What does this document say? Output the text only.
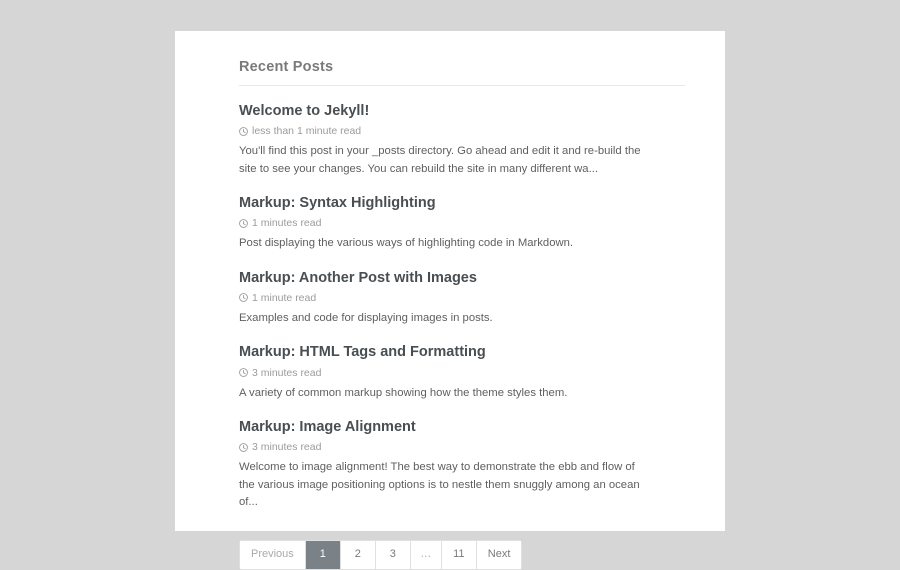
Recent Posts
Welcome to Jekyll!
less than 1 minute read

You'll find this post in your _posts directory. Go ahead and edit it and re-build the site to see your changes. You can rebuild the site in many different wa...

Markup: Syntax Highlighting
1 minutes read

Post displaying the various ways of highlighting code in Markdown.

Markup: Another Post with Images
1 minute read

Examples and code for displaying images in posts.

Markup: HTML Tags and Formatting
3 minutes read

A variety of common markup showing how the theme styles them.

Markup: Image Alignment
3 minutes read

Welcome to image alignment! The best way to demonstrate the ebb and flow of the various image positioning options is to nestle them snuggly among an ocean of...

Previous	1	2	3	…	11	Next
